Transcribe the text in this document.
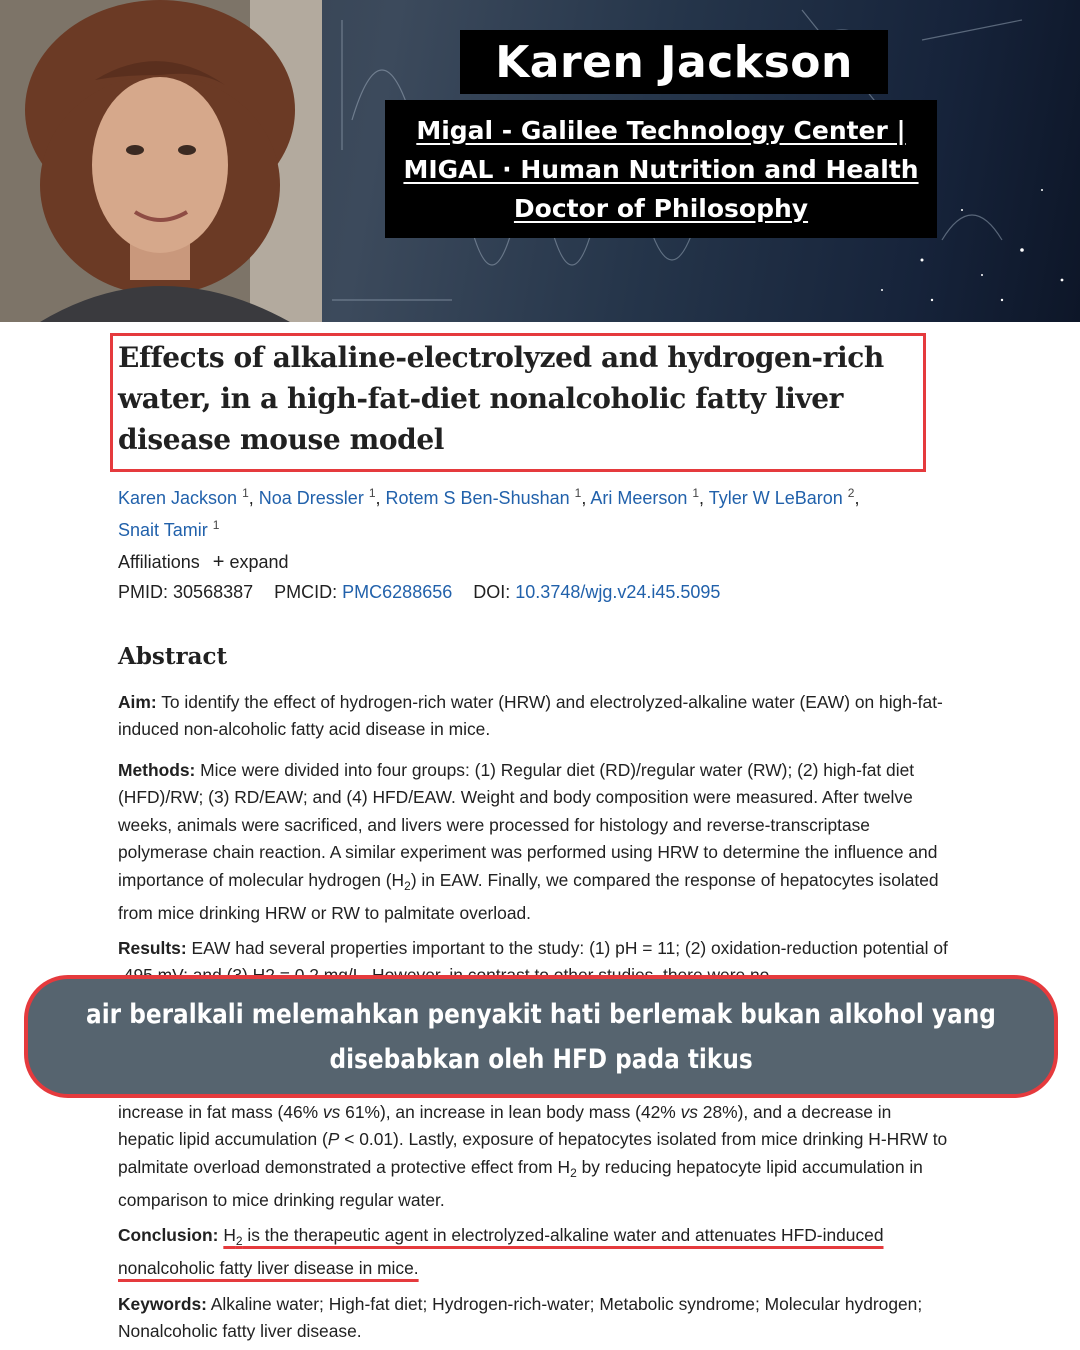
Karen Jackson
Migal - Galilee Technology Center |
MIGAL · Human Nutrition and Health
Doctor of Philosophy
Effects of alkaline-electrolyzed and hydrogen-rich water, in a high-fat-diet nonalcoholic fatty liver disease mouse model
Karen Jackson $^1$, Noa Dressler $^1$, Rotem S Ben-Shushan $^1$, Ari Meerson $^1$, Tyler W LeBaron $^2$,
Snait Tamir $^1$
Affiliations + expand
PMID: 30568387 PMCID: PMC6288656 DOI: 10.3748/wjg.v24.i45.5095
Abstract

Aim: To identify the effect of hydrogen-rich water (HRW) and electrolyzed-alkaline water (EAW) on high-fat-induced non-alcoholic fatty acid disease in mice.

Methods: Mice were divided into four groups: (1) Regular diet (RD)/regular water (RW); (2) high-fat diet (HFD)/RW; (3) RD/EAW; and (4) HFD/EAW. Weight and body composition were measured. After twelve weeks, animals were sacrificed, and livers were processed for histology and reverse-transcriptase polymerase chain reaction. A similar experiment was performed using HRW to determine the influence and importance of molecular hydrogen $(H_2)$ in EAW. Finally, we compared the response of hepatocytes isolated from mice drinking HRW or RW to palmitate overload.

Results: EAW had several properties important to the study: (1) pH = 11; (2) oxidation-reduction potential of

increase in fat mass (46% vs 61%), an increase in lean body mass (42% vs 28%), and a decrease in hepatic lipid accumulation (P < 0.01). Lastly, exposure of hepatocytes isolated from mice drinking H-HRW to palmitate overload demonstrated a protective effect from $H_2$ by reducing hepatocyte lipid accumulation in comparison to mice drinking regular water.

Conclusion: $H_2$ is the therapeutic agent in electrolyzed-alkaline water and attenuates HFD-induced nonalcoholic fatty liver disease in mice.

Keywords: Alkaline water; High-fat diet; Hydrogen-rich-water; Metabolic syndrome; Molecular hydrogen; Nonalcoholic fatty liver disease.

air beralkali melemahkan penyakit hati berlemak bukan alkohol yang
disebabkan oleh HFD pada tikus
